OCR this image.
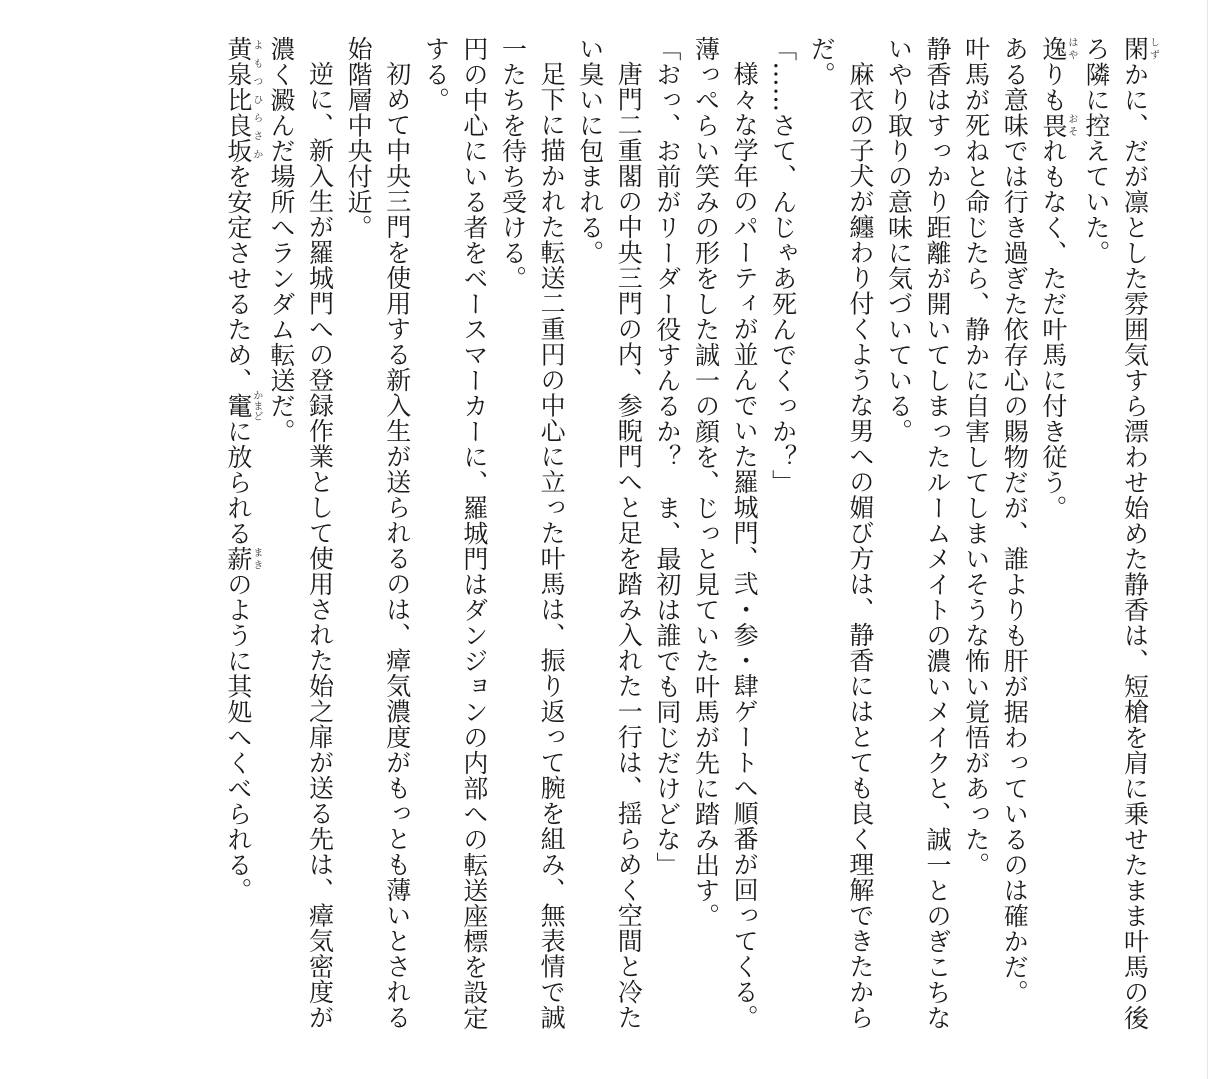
閑しずかに、だが凛とした雰囲気すら漂わせ始めた静香は、短槍を肩に乗せたまま叶馬の後ろ隣に控えていた。

逸はやりも畏おそれもなく、ただ叶馬に付き従う。

ある意味では行き過ぎた依存心の賜物だが、誰よりも肝が据わっているのは確かだ。

叶馬が死ねと命じたら、静かに自害してしまいそうな怖い覚悟があった。

静香はすっかり距離が開いてしまったルームメイトの濃いメイクと、誠一とのぎこちないやり取りの意味に気づいている。

麻衣の子犬が纏わり付くような男への媚び方は、静香にはとても良く理解できたからだ。

「……さて、んじゃあ死んでくっか？」

様々な学年のパーティが並んでいた羅城門、弐・参・肆ゲートへ順番が回ってくる。

薄っぺらい笑みの形をした誠一の顔を、じっと見ていた叶馬が先に踏み出す。

「おっ、お前がリーダー役すんるか？　ま、最初は誰でも同じだけどな」

唐門二重閣の中央三門の内、参睨門へと足を踏み入れた一行は、揺らめく空間と冷たい臭いに包まれる。

足下に描かれた転送二重円の中心に立った叶馬は、振り返って腕を組み、無表情で誠一たちを待ち受ける。

円の中心にいる者をベースマーカーに、羅城門はダンジョンの内部への転送座標を設定する。

初めて中央三門を使用する新入生が送られるのは、瘴気濃度がもっとも薄いとされる始階層中央付近。

逆に、新入生が羅城門への登録作業として使用された始之扉が送る先は、瘴気密度が濃く澱んだ場所へランダム転送だ。

黄泉比良坂よもつひらさかを安定させるため、竃かまどに放られる薪まきのように其処へくべられる。
